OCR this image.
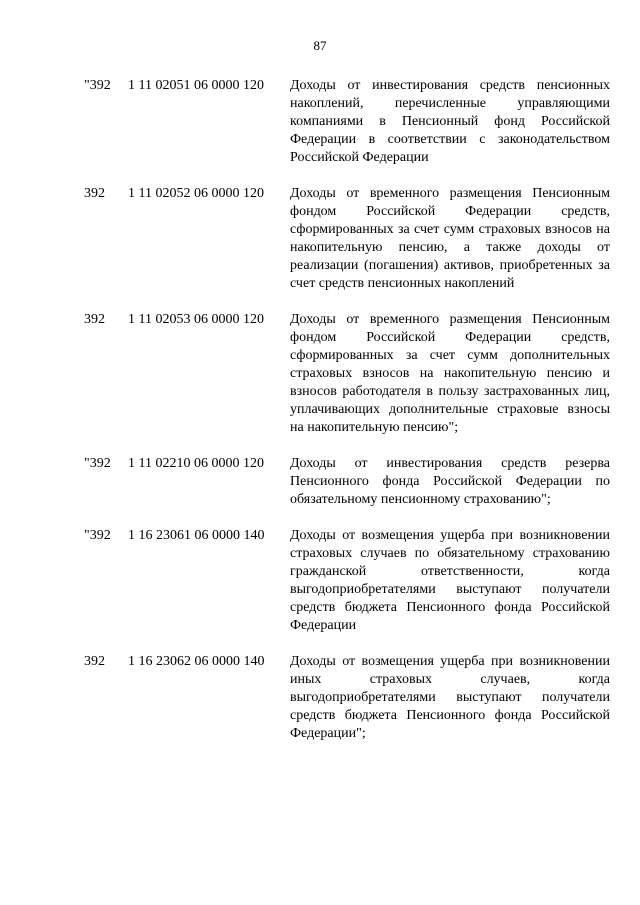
87
"392	1 11 02051 06 0000 120	Доходы от инвестирования средств пенсионных накоплений, перечисленные управляющими компаниями в Пенсионный фонд Российской Федерации в соответствии с законодательством Российской Федерации
392	1 11 02052 06 0000 120	Доходы от временного размещения Пенсионным фондом Российской Федерации средств, сформированных за счет сумм страховых взносов на накопительную пенсию, а также доходы от реализации (погашения) активов, приобретенных за счет средств пенсионных накоплений
392	1 11 02053 06 0000 120	Доходы от временного размещения Пенсионным фондом Российской Федерации средств, сформированных за счет сумм дополнительных страховых взносов на накопительную пенсию и взносов работодателя в пользу застрахованных лиц, уплачивающих дополнительные страховые взносы на накопительную пенсию";
"392	1 11 02210 06 0000 120	Доходы от инвестирования средств резерва Пенсионного фонда Российской Федерации по обязательному пенсионному страхованию";
"392	1 16 23061 06 0000 140	Доходы от возмещения ущерба при возникновении страховых случаев по обязательному страхованию гражданской ответственности, когда выгодоприобретателями выступают получатели средств бюджета Пенсионного фонда Российской Федерации
392	1 16 23062 06 0000 140	Доходы от возмещения ущерба при возникновении иных страховых случаев, когда выгодоприобретателями выступают получатели средств бюджета Пенсионного фонда Российской Федерации";
